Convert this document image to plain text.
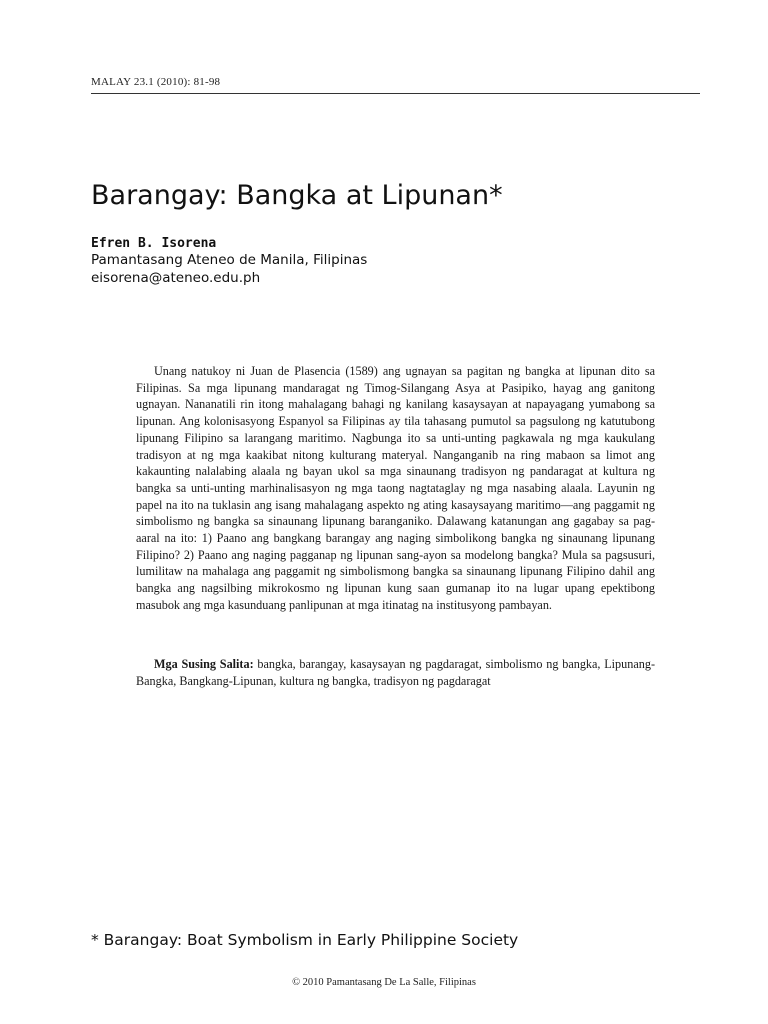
MALAY 23.1 (2010): 81-98
Barangay: Bangka at Lipunan*
Efren B. Isorena
Pamantasang Ateneo de Manila, Filipinas
eisorena@ateneo.edu.ph

Unang natukoy ni Juan de Plasencia (1589) ang ugnayan sa pagitan ng bangka at lipunan dito sa Filipinas. Sa mga lipunang mandaragat ng Timog-Silangang Asya at Pasipiko, hayag ang ganitong ugnayan. Nananatili rin itong mahalagang bahagi ng kanilang kasaysayan at napayagang yumabong sa lipunan. Ang kolonisasyong Espanyol sa Filipinas ay tila tahasang pumutol sa pagsulong ng katutubong lipunang Filipino sa larangang maritimo. Nagbunga ito sa unti-unting pagkawala ng mga kaukulang tradisyon at ng mga kaakibat nitong kulturang materyal. Nanganganib na ring mabaon sa limot ang kakaunting nalalabing alaala ng bayan ukol sa mga sinaunang tradisyon ng pandaragat at kultura ng bangka sa unti-unting marhinalisasyon ng mga taong nagtataglay ng mga nasabing alaala. Layunin ng papel na ito na tuklasin ang isang mahalagang aspekto ng ating kasaysayang maritimo—ang paggamit ng simbolismo ng bangka sa sinaunang lipunang baranganiko. Dalawang katanungan ang gagabay sa pag-aaral na ito: 1) Paano ang bangkang barangay ang naging simbolikong bangka ng sinaunang lipunang Filipino? 2) Paano ang naging pagganap ng lipunan sang-ayon sa modelong bangka? Mula sa pagsusuri, lumilitaw na mahalaga ang paggamit ng simbolismong bangka sa sinaunang lipunang Filipino dahil ang bangka ang nagsilbing mikrokosmo ng lipunan kung saan gumanap ito na lugar upang epektibong masubok ang mga kasunduang panlipunan at mga itinatag na institusyong pambayan.

Mga Susing Salita: bangka, barangay, kasaysayan ng pagdaragat, simbolismo ng bangka, Lipunang-Bangka, Bangkang-Lipunan, kultura ng bangka, tradisyon ng pagdaragat

* Barangay: Boat Symbolism in Early Philippine Society
© 2010 Pamantasang De La Salle, Filipinas
